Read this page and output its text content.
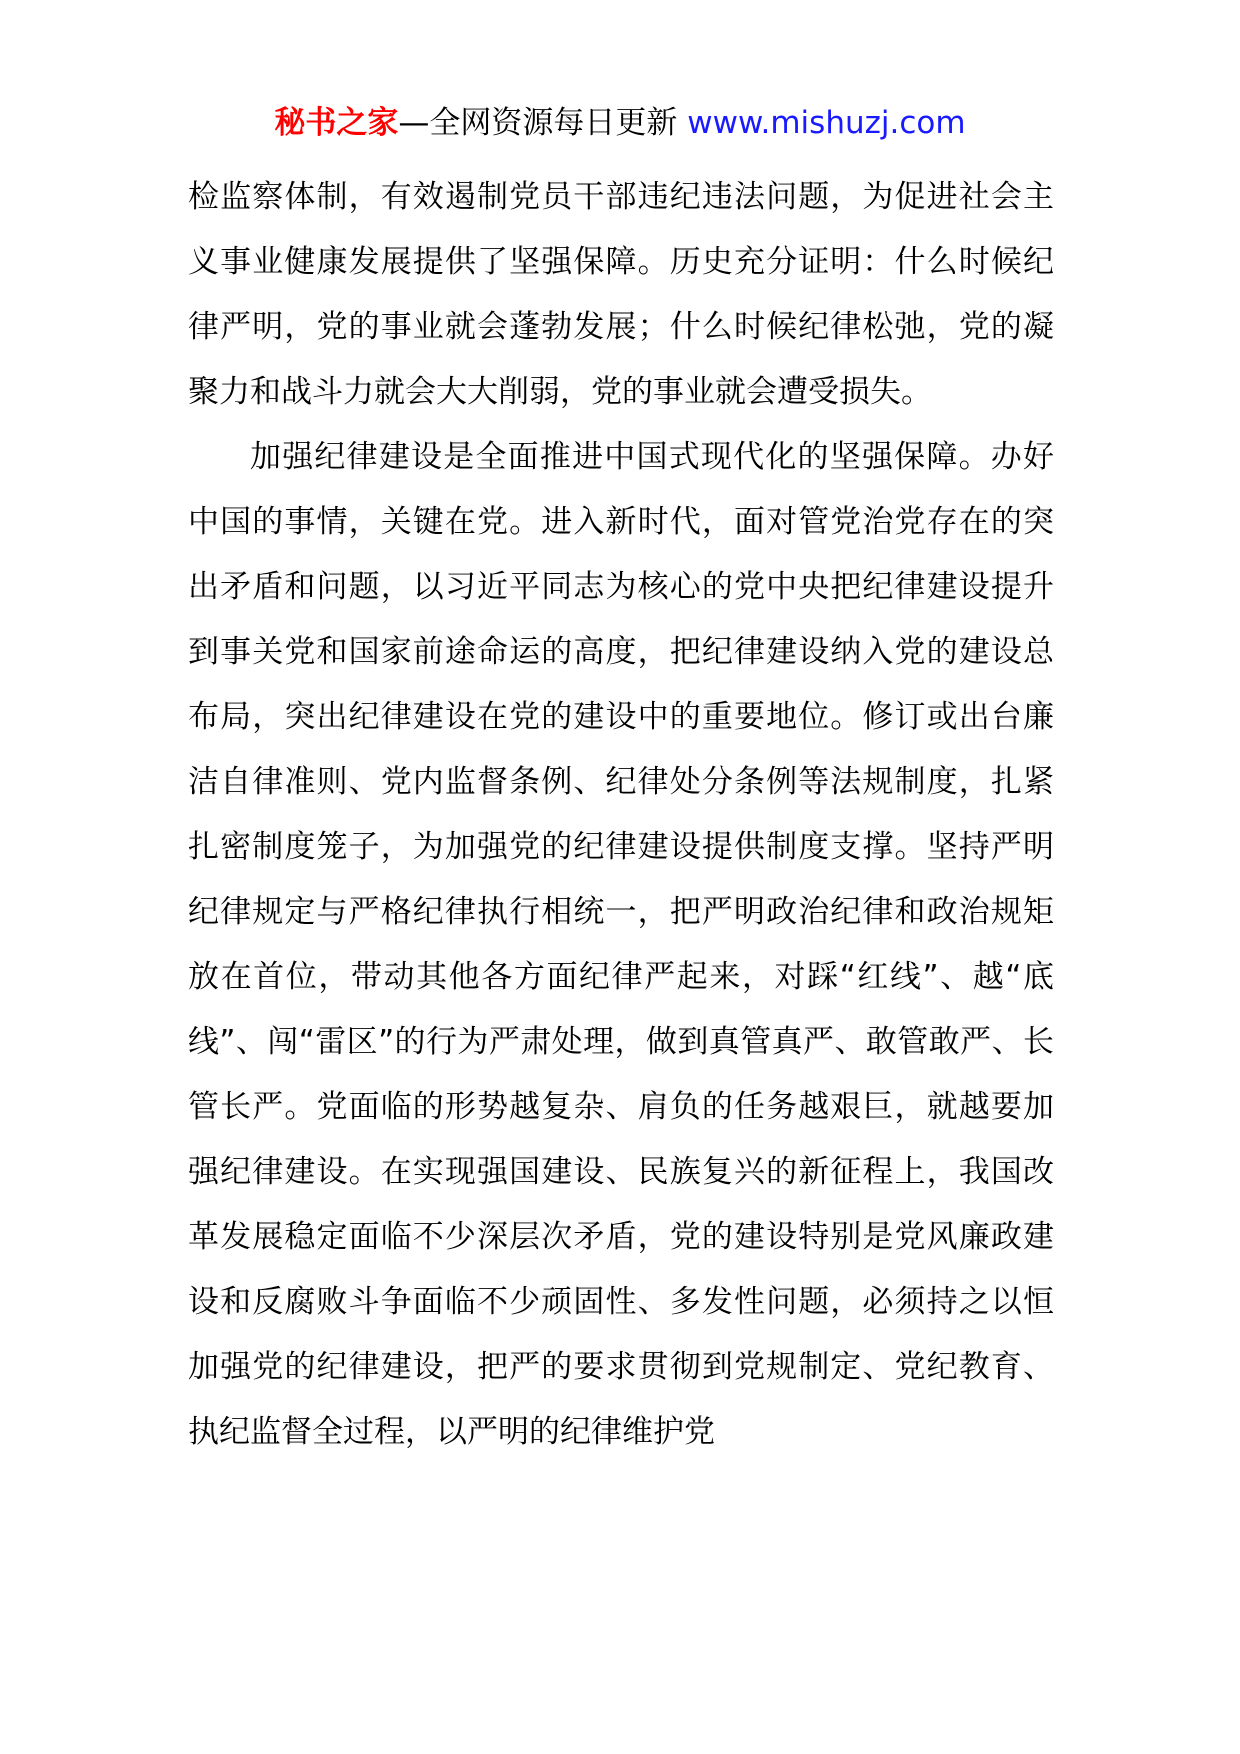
秘书之家—全网资源每日更新 www.mishuzj.com

检监察体制，有效遏制党员干部违纪违法问题，为促进社会主义事业健康发展提供了坚强保障。历史充分证明：什么时候纪律严明，党的事业就会蓬勃发展；什么时候纪律松弛，党的凝聚力和战斗力就会大大削弱，党的事业就会遭受损失。

加强纪律建设是全面推进中国式现代化的坚强保障。办好中国的事情，关键在党。进入新时代，面对管党治党存在的突出矛盾和问题，以习近平同志为核心的党中央把纪律建设提升到事关党和国家前途命运的高度，把纪律建设纳入党的建设总布局，突出纪律建设在党的建设中的重要地位。修订或出台廉洁自律准则、党内监督条例、纪律处分条例等法规制度，扎紧扎密制度笼子，为加强党的纪律建设提供制度支撑。坚持严明纪律规定与严格纪律执行相统一，把严明政治纪律和政治规矩放在首位，带动其他各方面纪律严起来，对踩“红线”、越“底线”、闯“雷区”的行为严肃处理，做到真管真严、敢管敢严、长管长严。党面临的形势越复杂、肩负的任务越艰巨，就越要加强纪律建设。在实现强国建设、民族复兴的新征程上，我国改革发展稳定面临不少深层次矛盾，党的建设特别是党风廉政建设和反腐败斗争面临不少顽固性、多发性问题，必须持之以恒加强党的纪律建设，把严的要求贯彻到党规制定、党纪教育、执纪监督全过程，以严明的纪律维护党
